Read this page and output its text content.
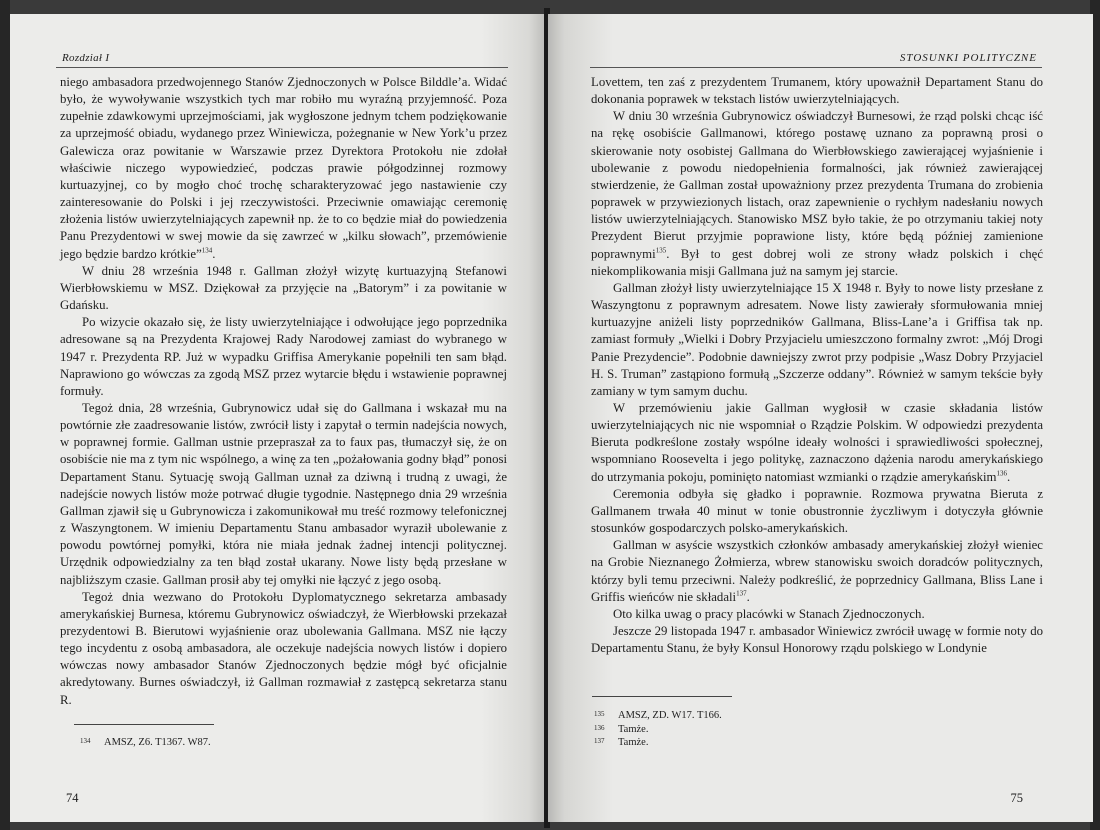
Rozdział I

niego ambasadora przedwojennego Stanów Zjednoczonych w Polsce Bilddle’a. Widać było, że wywoływanie wszystkich tych mar robiło mu wyraźną przyjemność. Poza zupełnie zdawkowymi uprzejmościami, jak wygłoszone jednym tchem podziękowanie za uprzejmość obiadu, wydanego przez Winiewicza, pożegnanie w New York’u przez Galewicza oraz powitanie w Warszawie przez Dyrektora Protokołu nie zdołał właściwie niczego wypowiedzieć, podczas prawie półgodzinnej rozmowy kurtuazyjnej, co by mogło choć trochę scharakteryzować jego nastawienie czy zainteresowanie do Polski i jej rzeczywistości. Przeciwnie omawiając ceremonię złożenia listów uwierzytelniających zapewnił np. że to co będzie miał do powiedzenia Panu Prezydentowi w swej mowie da się zawrzeć w „kilku słowach”, przemówienie jego będzie bardzo krótkie”$^{134}$.

W dniu 28 września 1948 r. Gallman złożył wizytę kurtuazyjną Stefanowi Wierbłowskiemu w MSZ. Dziękował za przyjęcie na „Batorym” i za powitanie w Gdańsku.

Po wizycie okazało się, że listy uwierzytelniające i odwołujące jego poprzednika adresowane są na Prezydenta Krajowej Rady Narodowej zamiast do wybranego w 1947 r. Prezydenta RP. Już w wypadku Griffisa Amerykanie popełnili ten sam błąd. Naprawiono go wówczas za zgodą MSZ przez wytarcie błędu i wstawienie poprawnej formuły.

Tegoż dnia, 28 września, Gubrynowicz udał się do Gallmana i wskazał mu na powtórnie złe zaadresowanie listów, zwrócił listy i zapytał o termin nadejścia nowych, w poprawnej formie. Gallman ustnie przepraszał za to faux pas, tłumaczył się, że on osobiście nie ma z tym nic wspólnego, a winę za ten „pożałowania godny błąd” ponosi Departament Stanu. Sytuację swoją Gallman uznał za dziwną i trudną z uwagi, że nadejście nowych listów może potrwać długie tygodnie. Następnego dnia 29 września Gallman zjawił się u Gubrynowicza i zakomunikował mu treść rozmowy telefonicznej z Waszyngtonem. W imieniu Departamentu Stanu ambasador wyraził ubolewanie z powodu powtórnej pomyłki, która nie miała jednak żadnej intencji politycznej. Urzędnik odpowiedzialny za ten błąd został ukarany. Nowe listy będą przesłane w najbliższym czasie. Gallman prosił aby tej omyłki nie łączyć z jego osobą.

Tegoż dnia wezwano do Protokołu Dyplomatycznego sekretarza ambasady amerykańskiej Burnesa, któremu Gubrynowicz oświadczył, że Wierbłowski przekazał prezydentowi B. Bierutowi wyjaśnienie oraz ubolewania Gallmana. MSZ nie łączy tego incydentu z osobą ambasadora, ale oczekuje nadejścia nowych listów i dopiero wówczas nowy ambasador Stanów Zjednoczonych będzie mógł być oficjalnie akredytowany. Burnes oświadczył, iż Gallman rozmawiał z zastępcą sekretarza stanu R.

134 AMSZ, Z6. T1367. W87.
74
STOSUNKI POLITYCZNE

Lovettem, ten zaś z prezydentem Trumanem, który upoważnił Departament Stanu do dokonania poprawek w tekstach listów uwierzytelniających.

W dniu 30 września Gubrynowicz oświadczył Burnesowi, że rząd polski chcąc iść na rękę osobiście Gallmanowi, którego postawę uznano za poprawną prosi o skierowanie noty osobistej Gallmana do Wierbłowskiego zawierającej wyjaśnienie i ubolewanie z powodu niedopełnienia formalności, jak również zawierającej stwierdzenie, że Gallman został upoważniony przez prezydenta Trumana do zrobienia poprawek w przywiezionych listach, oraz zapewnienie o rychłym nadesłaniu nowych listów uwierzytelniających. Stanowisko MSZ było takie, że po otrzymaniu takiej noty Prezydent Bierut przyjmie poprawione listy, które będą później zamienione poprawnymi$^{135}$. Był to gest dobrej woli ze strony władz polskich i chęć niekomplikowania misji Gallmana już na samym jej starcie.

Gallman złożył listy uwierzytelniające 15 X 1948 r. Były to nowe listy przesłane z Waszyngtonu z poprawnym adresatem. Nowe listy zawierały sformułowania mniej kurtuazyjne aniżeli listy poprzedników Gallmana, Bliss-Lane’a i Griffisa tak np. zamiast formuły „Wielki i Dobry Przyjacielu umieszczono formalny zwrot: „Mój Drogi Panie Prezydencie”. Podobnie dawniejszy zwrot przy podpisie „Wasz Dobry Przyjaciel H. S. Truman” zastąpiono formułą „Szczerze oddany”. Również w samym tekście były zamiany w tym samym duchu.

W przemówieniu jakie Gallman wygłosił w czasie składania listów uwierzytelniających nic nie wspomniał o Rządzie Polskim. W odpowiedzi prezydenta Bieruta podkreślone zostały wspólne ideały wolności i sprawiedliwości społecznej, wspomniano Roosevelta i jego politykę, zaznaczono dążenia narodu amerykańskiego do utrzymania pokoju, pominięto natomiast wzmianki o rządzie amerykańskim$^{136}$.

Ceremonia odbyła się gładko i poprawnie. Rozmowa prywatna Bieruta z Gallmanem trwała 40 minut w tonie obustronnie życzliwym i dotyczyła głównie stosunków gospodarczych polsko-amerykańskich.

Gallman w asyście wszystkich członków ambasady amerykańskiej złożył wieniec na Grobie Nieznanego Żołmierza, wbrew stanowisku swoich doradców politycznych, którzy byli temu przeciwni. Należy podkreślić, że poprzednicy Gallmana, Bliss Lane i Griffis wieńców nie składali$^{137}$.

Oto kilka uwag o pracy placówki w Stanach Zjednoczonych.

Jeszcze 29 listopada 1947 r. ambasador Winiewicz zwrócił uwagę w formie noty do Departamentu Stanu, że były Konsul Honorowy rządu polskiego w Londynie

135 AMSZ, ZD. W17. T166.
136 Tamże.
137 Tamże.
75
